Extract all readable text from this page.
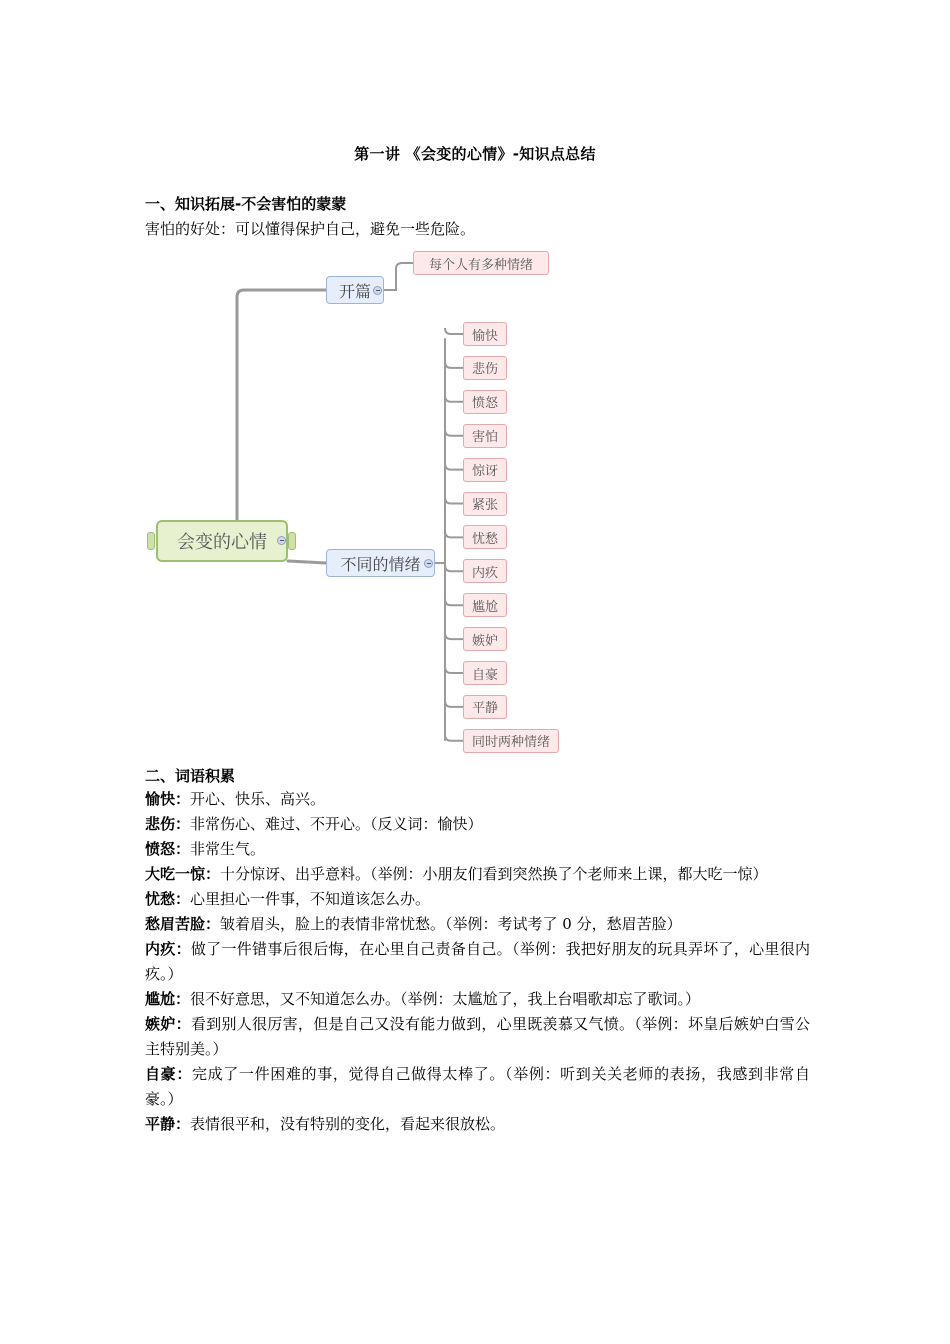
第一讲 《会变的心情》-知识点总结
一、知识拓展-不会害怕的蒙蒙

害怕的好处：可以懂得保护自己，避免一些危险。

会变的心情
开篇
每个人有多种情绪
不同的情绪
愉快
悲伤
愤怒
害怕
惊讶
紧张
忧愁
内疚
尴尬
嫉妒
自豪
平静
同时两种情绪
二、词语积累
愉快：开心、快乐、高兴。
悲伤：非常伤心、难过、不开心。（反义词：愉快）
愤怒：非常生气。
大吃一惊：十分惊讶、出乎意料。（举例：小朋友们看到突然换了个老师来上课，都大吃一惊）
忧愁：心里担心一件事，不知道该怎么办。
愁眉苦脸：皱着眉头，脸上的表情非常忧愁。（举例：考试考了 0 分，愁眉苦脸）
内疚：做了一件错事后很后悔，在心里自己责备自己。（举例：我把好朋友的玩具弄坏了，心里很内疚。）
尴尬：很不好意思，又不知道怎么办。（举例：太尴尬了，我上台唱歌却忘了歌词。）
嫉妒：看到别人很厉害，但是自己又没有能力做到，心里既羡慕又气愤。（举例：坏皇后嫉妒白雪公主特别美。）
自豪：完成了一件困难的事，觉得自己做得太棒了。（举例：听到关关老师的表扬，我感到非常自豪。）
平静：表情很平和，没有特别的变化，看起来很放松。
